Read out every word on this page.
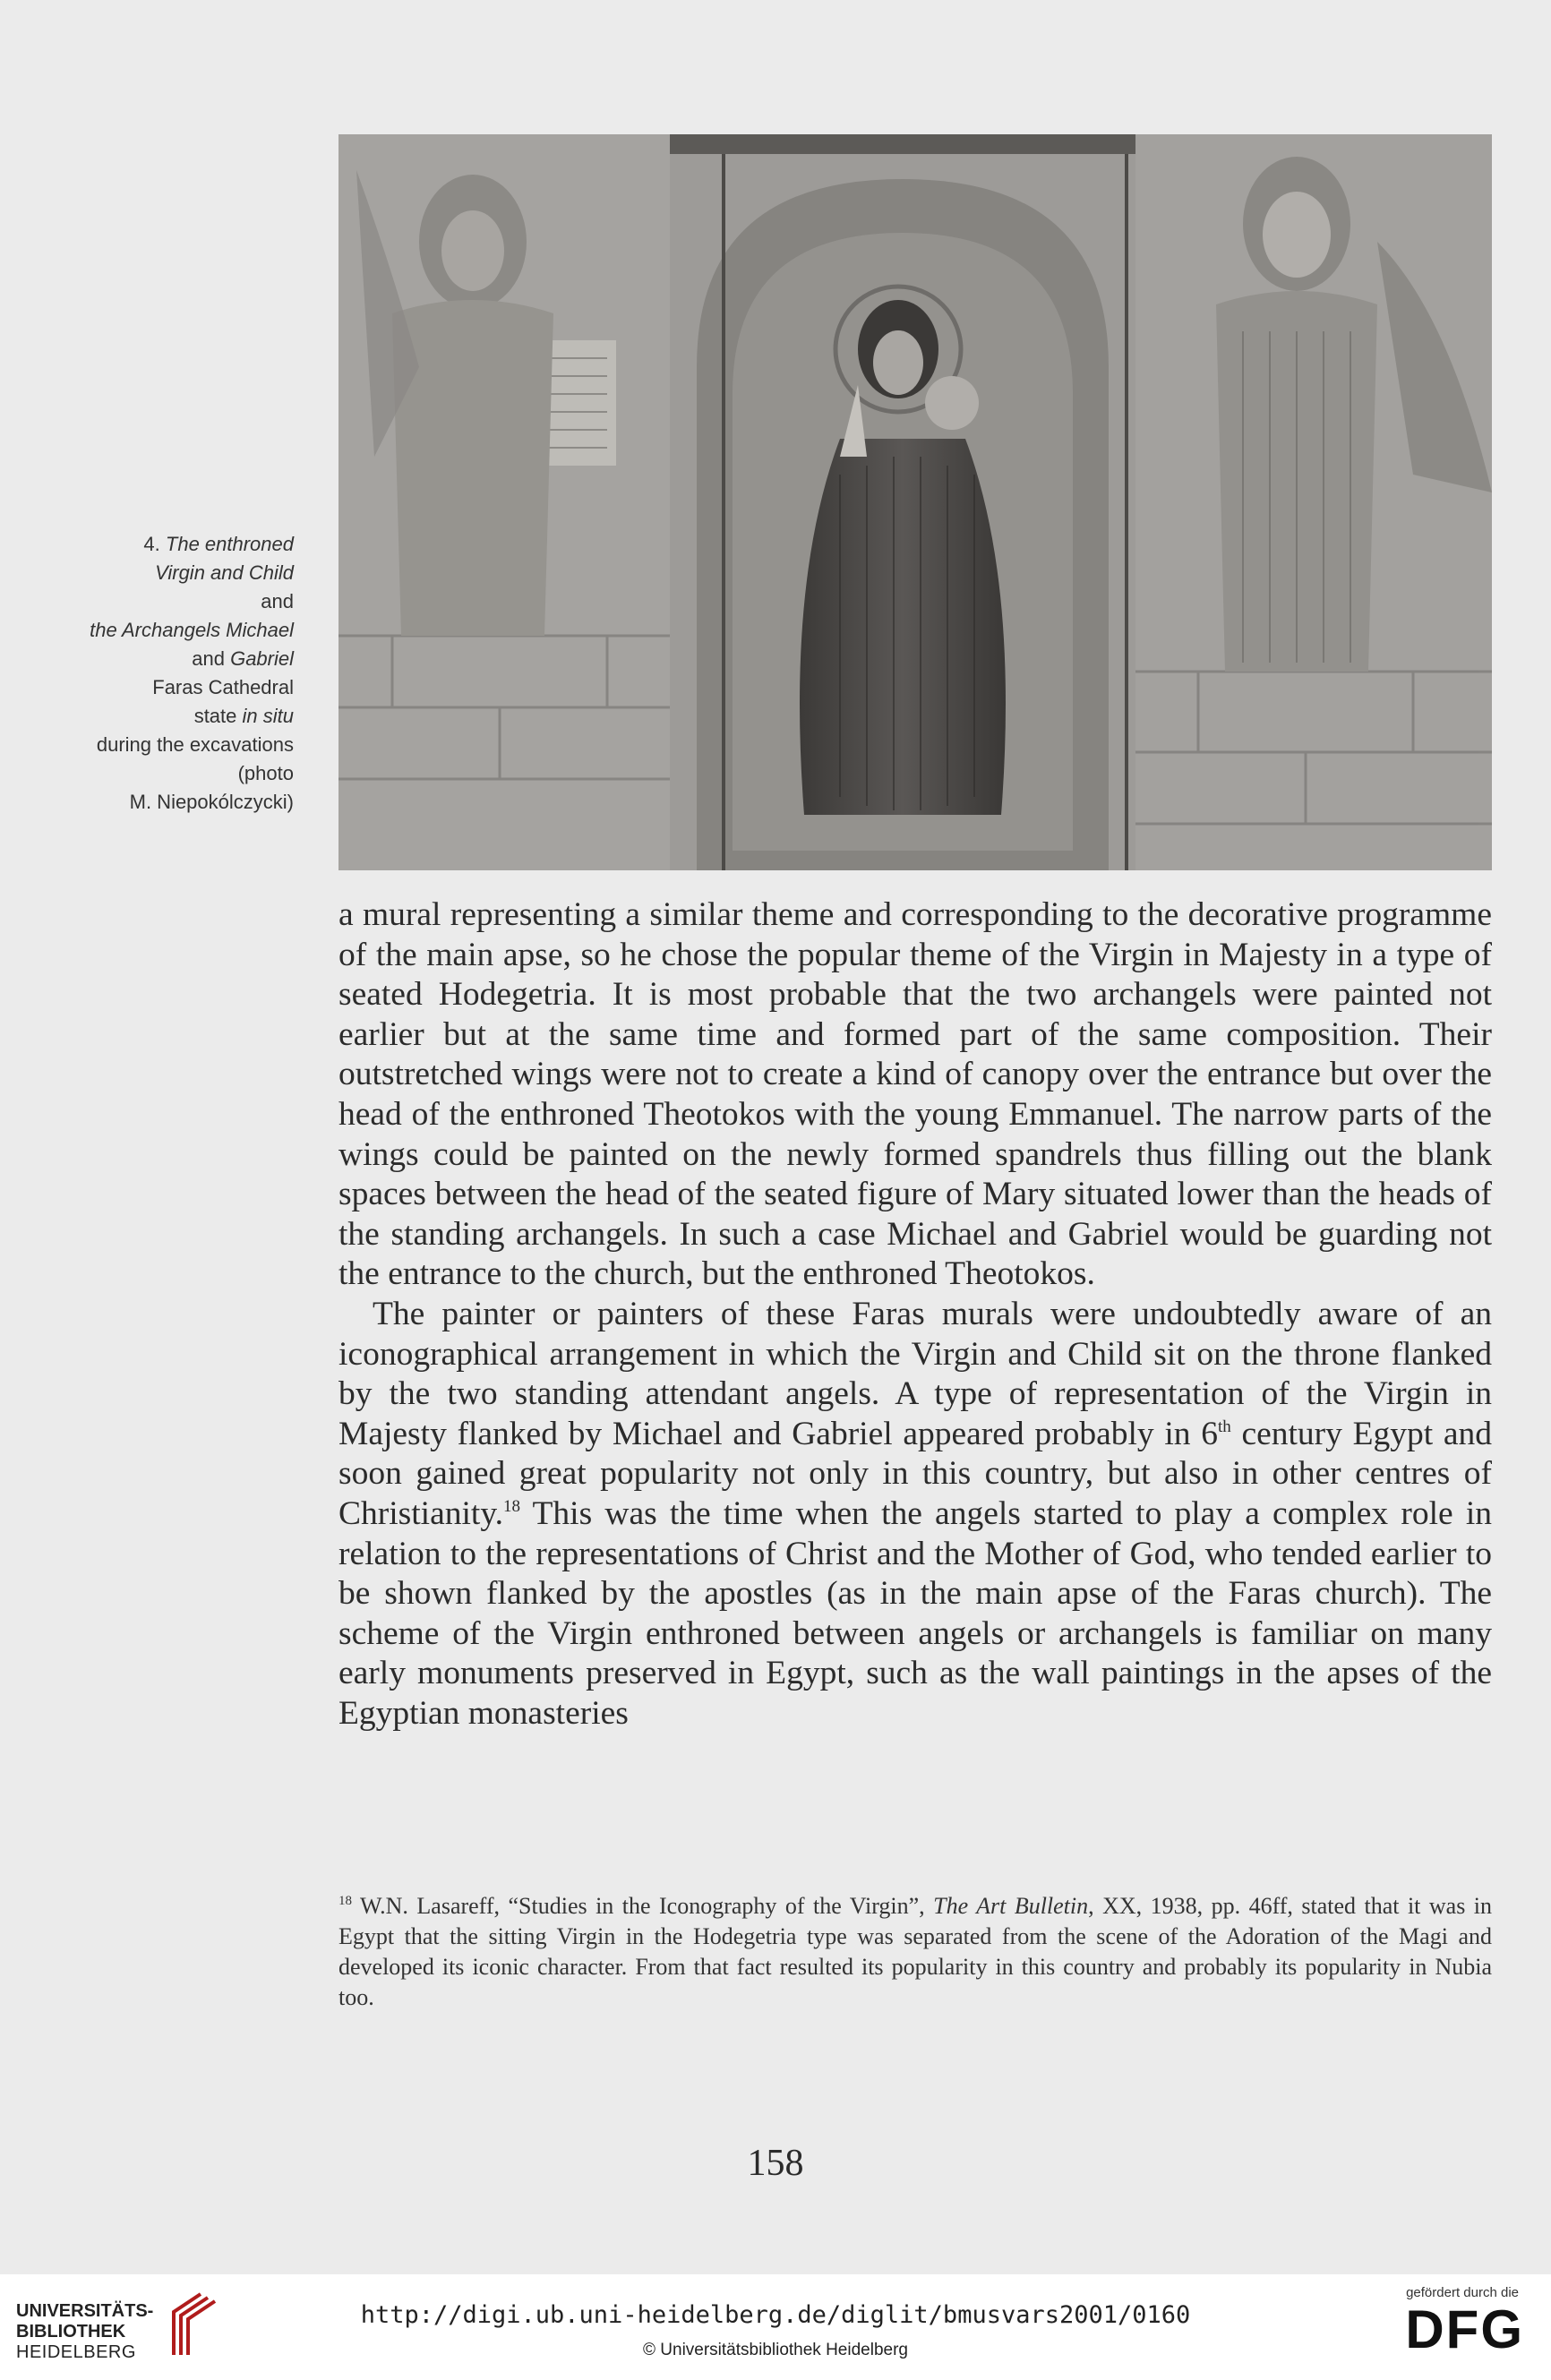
4. The enthroned
Virgin and Child
and
the Archangels Michael
and Gabriel
Faras Cathedral
state in situ
during the excavations
(photo
M. Niepokólczycki)

a mural representing a similar theme and corresponding to the decorative programme of the main apse, so he chose the popular theme of the Virgin in Majesty in a type of seated Hodegetria. It is most probable that the two archangels were painted not earlier but at the same time and formed part of the same composition. Their outstretched wings were not to create a kind of canopy over the entrance but over the head of the enthroned Theotokos with the young Emmanuel. The narrow parts of the wings could be painted on the newly formed spandrels thus filling out the blank spaces between the head of the seated figure of Mary situated lower than the heads of the standing archangels. In such a case Michael and Gabriel would be guarding not the entrance to the church, but the enthroned Theotokos.

The painter or painters of these Faras murals were undoubtedly aware of an iconographical arrangement in which the Virgin and Child sit on the throne flanked by the two standing attendant angels. A type of representation of the Virgin in Majesty flanked by Michael and Gabriel appeared probably in 6th century Egypt and soon gained great popularity not only in this country, but also in other centres of Christianity.$^{18}$ This was the time when the angels started to play a complex role in relation to the representations of Christ and the Mother of God, who tended earlier to be shown flanked by the apostles (as in the main apse of the Faras church). The scheme of the Virgin enthroned between angels or archangels is familiar on many early monuments preserved in Egypt, such as the wall paintings in the apses of the Egyptian monasteries

$^{18}$ W.N. Lasareff, “Studies in the Iconography of the Virgin”, The Art Bulletin, XX, 1938, pp. 46ff, stated that it was in Egypt that the sitting Virgin in the Hodegetria type was separated from the scene of the Adoration of the Magi and developed its iconic character. From that fact resulted its popularity in this country and probably its popularity in Nubia too.
158
UNIVERSITÄTS-
BIBLIOTHEK
HEIDELBERG
http://digi.ub.uni-heidelberg.de/diglit/bmusvars2001/0160
© Universitätsbibliothek Heidelberg
gefördert durch die
DFG
